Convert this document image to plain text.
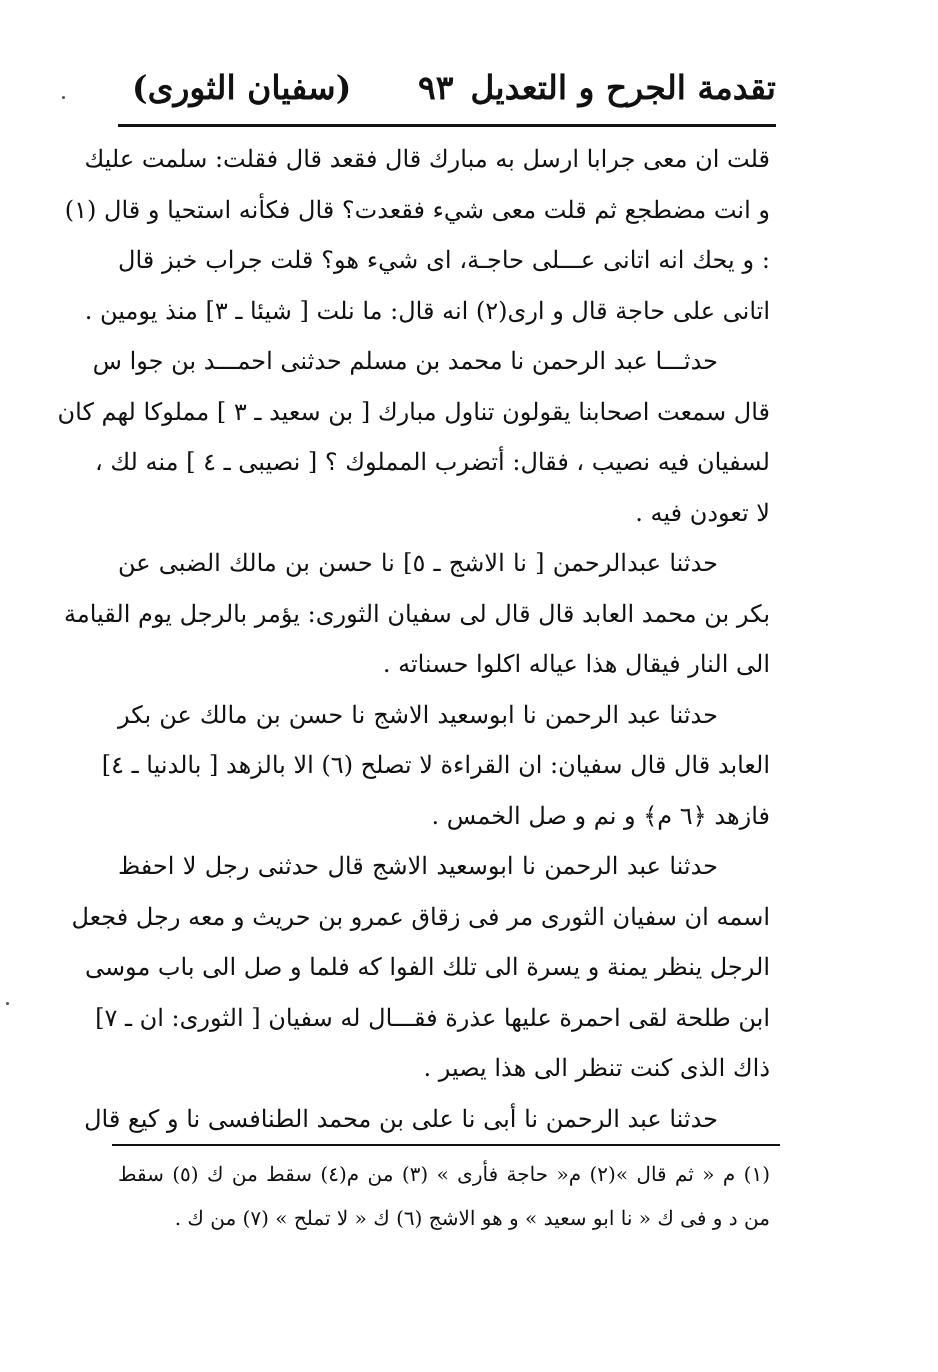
تقدمة الجرح و التعديل
٩٣
(سفيان الثورى)
قلت ان معى جرابا ارسل به مبارك قال فقعد قال فقلت: سلمت عليك
و انت مضطجع ثم قلت معى شيء فقعدت؟ قال فكأنه استحيا و قال (١)
: و يحك انه اتانى عـــلى حاجـة، اى شيء هو؟ قلت جراب خبز قال
اتانى على حاجة قال و ارى(٢) انه قال: ما نلت [ شيئا ـ ٣] منذ يومين .
حدثـــا عبد الرحمن نا محمد بن مسلم حدثنى احمـــد بن جوا س
قال سمعت اصحابنا يقولون تناول مبارك [ بن سعيد ـ ٣ ] مملوكا لهم كان
لسفيان فيه نصيب ، فقال: أتضرب المملوك ؟ [ نصيبى ـ ٤ ] منه لك ،
لا تعودن فيه .
حدثنا عبدالرحمن [ نا الاشج ـ ٥] نا حسن بن مالك الضبى عن
بكر بن محمد العابد قال قال لى سفيان الثورى: يؤمر بالرجل يوم القيامة
الى النار فيقال هذا عياله اكلوا حسناته .
حدثنا عبد الرحمن نا ابوسعيد الاشج نا حسن بن مالك عن بكر
العابد قال قال سفيان: ان القراءة لا تصلح (٦) الا بالزهد [ بالدنيا ـ ٤]
فازهد ﴿٦ م﴾ و نم و صل الخمس .
حدثنا عبد الرحمن نا ابوسعيد الاشج قال حدثنى رجل لا احفظ
اسمه ان سفيان الثورى مر فى زقاق عمرو بن حريث و معه رجل فجعل
الرجل ينظر يمنة و يسرة الى تلك الفوا كه فلما و صل الى باب موسى
ابن طلحة لقى احمرة عليها عذرة فقـــال له سفيان [ الثورى: ان ـ ٧]
ذاك الذى كنت تنظر الى هذا يصير .
حدثنا عبد الرحمن نا أبى نا على بن محمد الطنافسى نا و كيع قال
(١) م « ثم قال »(٢) م« حاجة فأرى » (٣) من م(٤) سقط من ك (٥) سقط
من د و فى ك « نا ابو سعيد » و هو الاشج (٦) ك « لا تملح » (٧) من ك .
